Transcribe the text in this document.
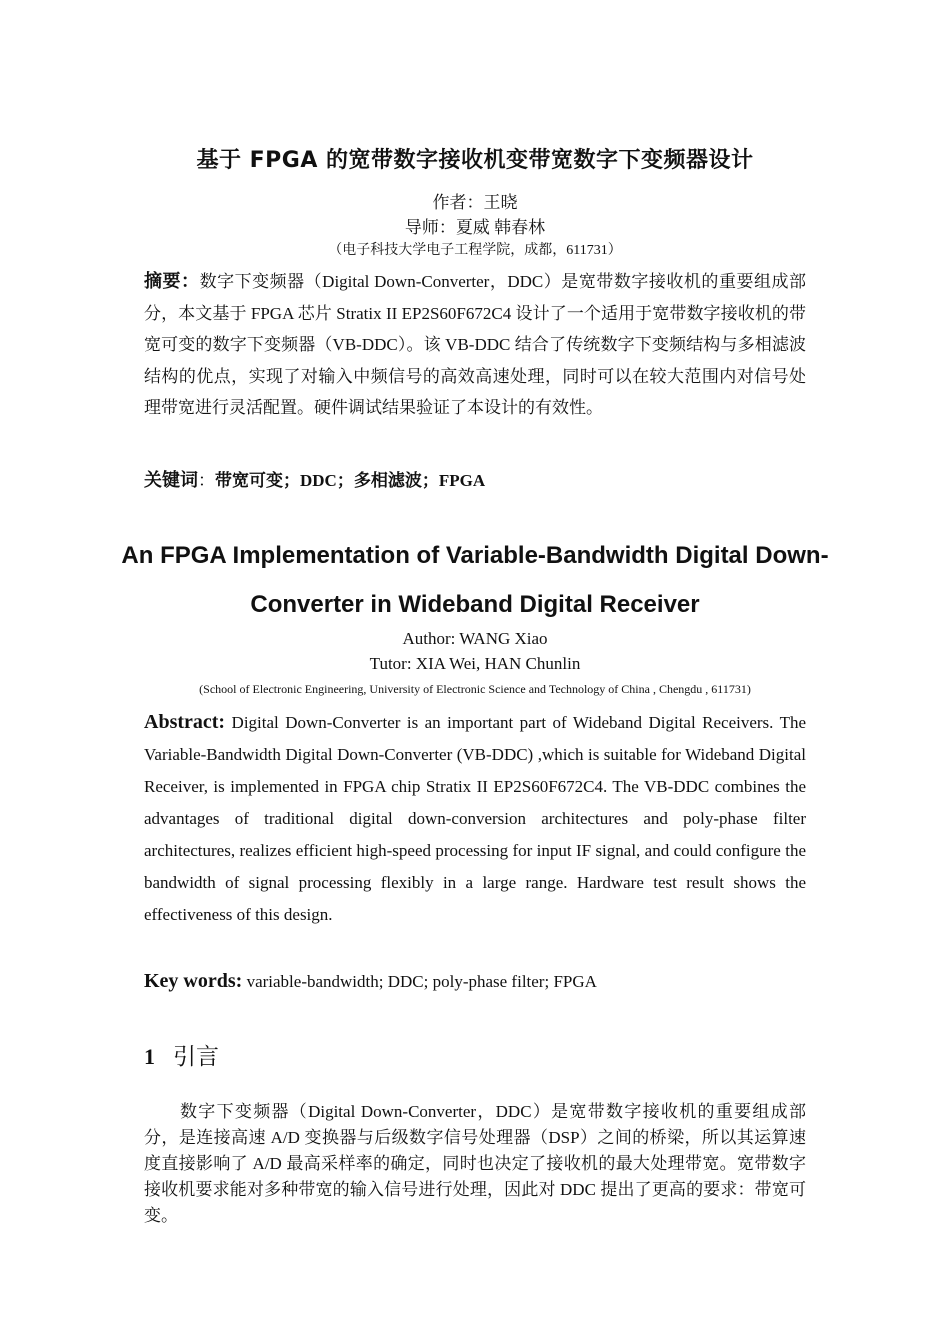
基于 FPGA 的宽带数字接收机变带宽数字下变频器设计
作者：王晓
导师：夏威 韩春林
（电子科技大学电子工程学院，成都，611731）
摘要：数字下变频器（Digital Down-Converter，DDC）是宽带数字接收机的重要组成部分，本文基于 FPGA 芯片 Stratix II EP2S60F672C4 设计了一个适用于宽带数字接收机的带宽可变的数字下变频器（VB-DDC）。该 VB-DDC 结合了传统数字下变频结构与多相滤波结构的优点，实现了对输入中频信号的高效高速处理，同时可以在较大范围内对信号处理带宽进行灵活配置。硬件调试结果验证了本设计的有效性。
关键词：带宽可变；DDC；多相滤波；FPGA
An FPGA Implementation of Variable-Bandwidth Digital Down-Converter in Wideband Digital Receiver
Author: WANG Xiao
Tutor: XIA Wei, HAN Chunlin
(School of Electronic Engineering, University of Electronic Science and Technology of China , Chengdu , 611731)
Abstract: Digital Down-Converter is an important part of Wideband Digital Receivers. The Variable-Bandwidth Digital Down-Converter (VB-DDC) ,which is suitable for Wideband Digital Receiver, is implemented in FPGA chip Stratix II EP2S60F672C4. The VB-DDC combines the advantages of traditional digital down-conversion architectures and poly-phase filter architectures, realizes efficient high-speed processing for input IF signal, and could configure the bandwidth of signal processing flexibly in a large range. Hardware test result shows the effectiveness of this design.
Key words: variable-bandwidth; DDC; poly-phase filter; FPGA
1 引言
数字下变频器（Digital Down-Converter，DDC）是宽带数字接收机的重要组成部分，是连接高速 A/D 变换器与后级数字信号处理器（DSP）之间的桥梁，所以其运算速度直接影响了 A/D 最高采样率的确定，同时也决定了接收机的最大处理带宽。宽带数字接收机要求能对多种带宽的输入信号进行处理，因此对 DDC 提出了更高的要求：带宽可变。
